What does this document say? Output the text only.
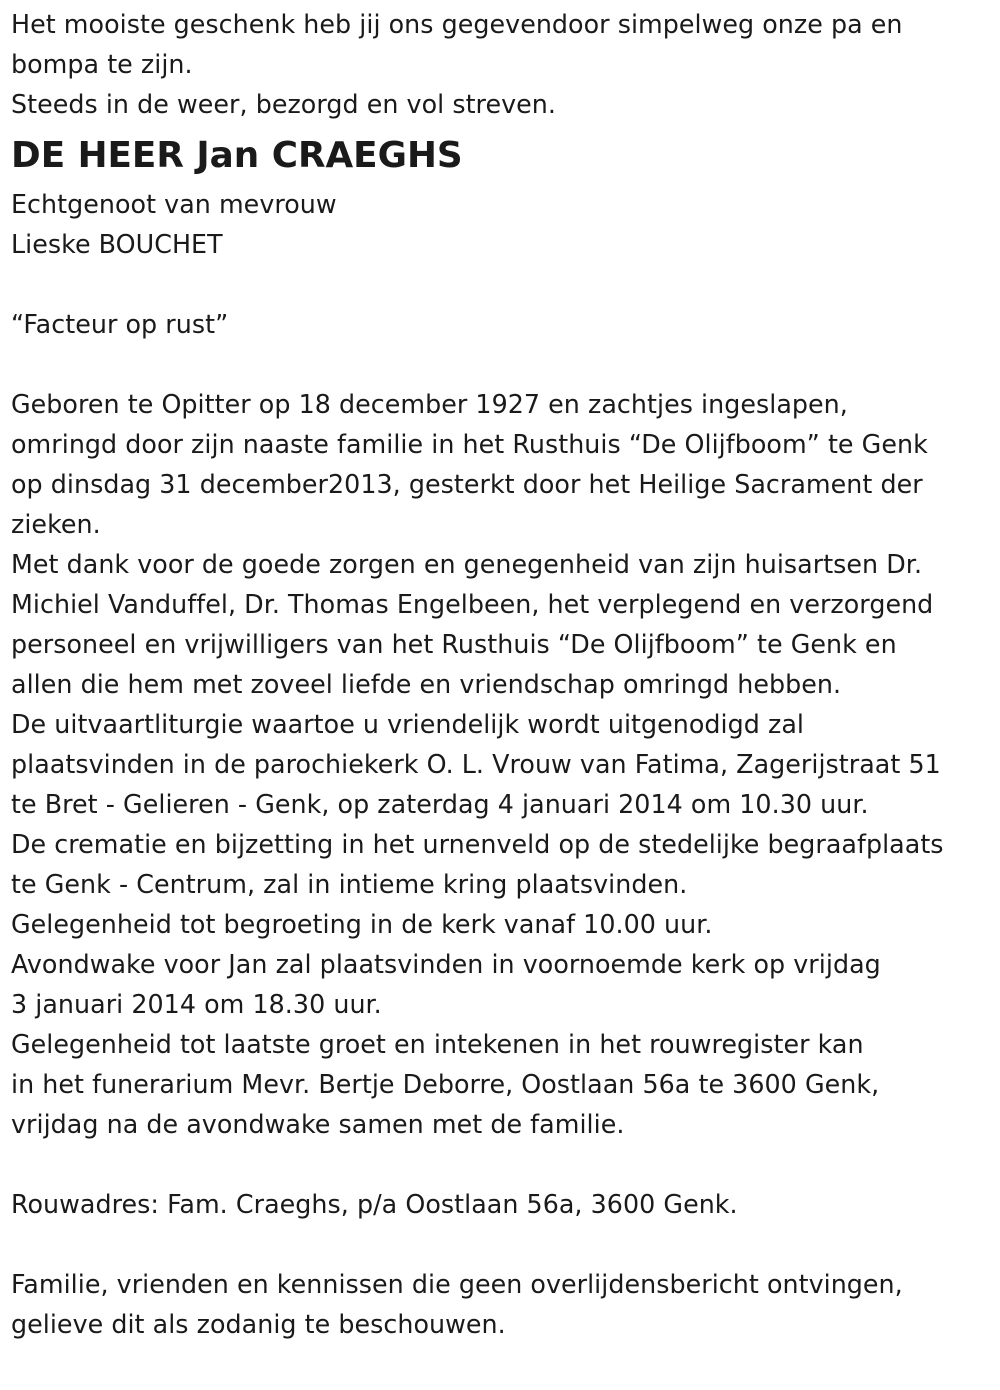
Het mooiste geschenk heb jij ons gegevendoor simpelweg onze pa en
bompa te zijn.
Steeds in de weer, bezorgd en vol streven.
DE HEER Jan CRAEGHS
Echtgenoot van mevrouw
Lieske BOUCHET
“Facteur op rust”
Geboren te Opitter op 18 december 1927 en zachtjes ingeslapen,
omringd door zijn naaste familie in het Rusthuis “De Olijfboom” te Genk
op dinsdag 31 december2013, gesterkt door het Heilige Sacrament der
zieken.
Met dank voor de goede zorgen en genegenheid van zijn huisartsen Dr.
Michiel Vanduffel, Dr. Thomas Engelbeen, het verplegend en verzorgend
personeel en vrijwilligers van het Rusthuis “De Olijfboom” te Genk en
allen die hem met zoveel liefde en vriendschap omringd hebben.
De uitvaartliturgie waartoe u vriendelijk wordt uitgenodigd zal
plaatsvinden in de parochiekerk O. L. Vrouw van Fatima, Zagerijstraat 51
te Bret - Gelieren - Genk, op zaterdag 4 januari 2014 om 10.30 uur.
De crematie en bijzetting in het urnenveld op de stedelijke begraafplaats
te Genk - Centrum, zal in intieme kring plaatsvinden.
Gelegenheid tot begroeting in de kerk vanaf 10.00 uur.
Avondwake voor Jan zal plaatsvinden in voornoemde kerk op vrijdag
3 januari 2014 om 18.30 uur.
Gelegenheid tot laatste groet en intekenen in het rouwregister kan
in het funerarium Mevr. Bertje Deborre, Oostlaan 56a te 3600 Genk,
vrijdag na de avondwake samen met de familie.
Rouwadres: Fam. Craeghs, p/a Oostlaan 56a, 3600 Genk.
Familie, vrienden en kennissen die geen overlijdensbericht ontvingen,
gelieve dit als zodanig te beschouwen.
